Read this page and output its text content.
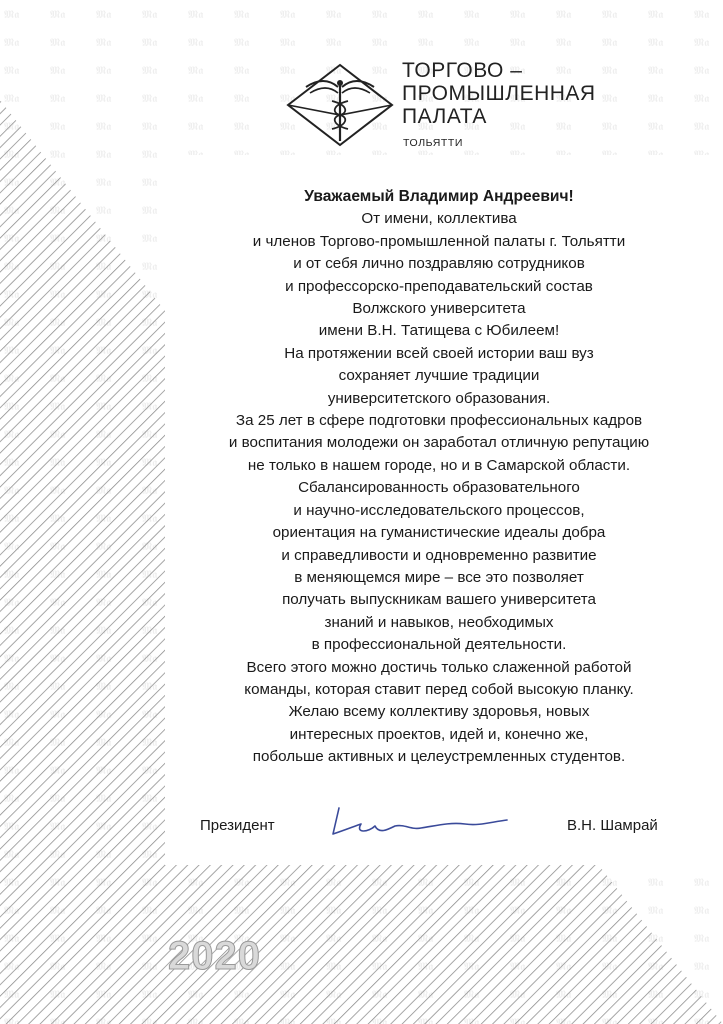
ТОРГОВО –
ПРОМЫШЛЕННАЯ
ПАЛАТА
ТОЛЬЯТТИ
Уважаемый Владимир Андреевич!
От имени, коллектива
и членов Торгово-промышленной палаты г. Тольятти
и от себя лично поздравляю сотрудников
и профессорско-преподавательский состав
Волжского университета
имени В.Н. Татищева с Юбилеем!
На протяжении всей своей истории ваш вуз
сохраняет лучшие традиции
университетского образования.
За 25 лет в сфере подготовки профессиональных кадров
и воспитания молодежи он заработал отличную репутацию
не только в нашем городе, но и в Самарской области.
Сбалансированность образовательного
и научно-исследовательского процессов,
ориентация на гуманистические идеалы добра
и справедливости и одновременно развитие
в меняющемся мире – все это позволяет
получать выпускникам вашего университета
знаний и навыков, необходимых
в профессиональной деятельности.
Всего этого можно достичь только слаженной работой
команды, которая ставит перед собой высокую планку.
Желаю всему коллективу здоровья, новых
интересных проектов, идей и, конечно же,
побольше активных и целеустремленных студентов.
Президент	В.Н. Шамрай
2020
